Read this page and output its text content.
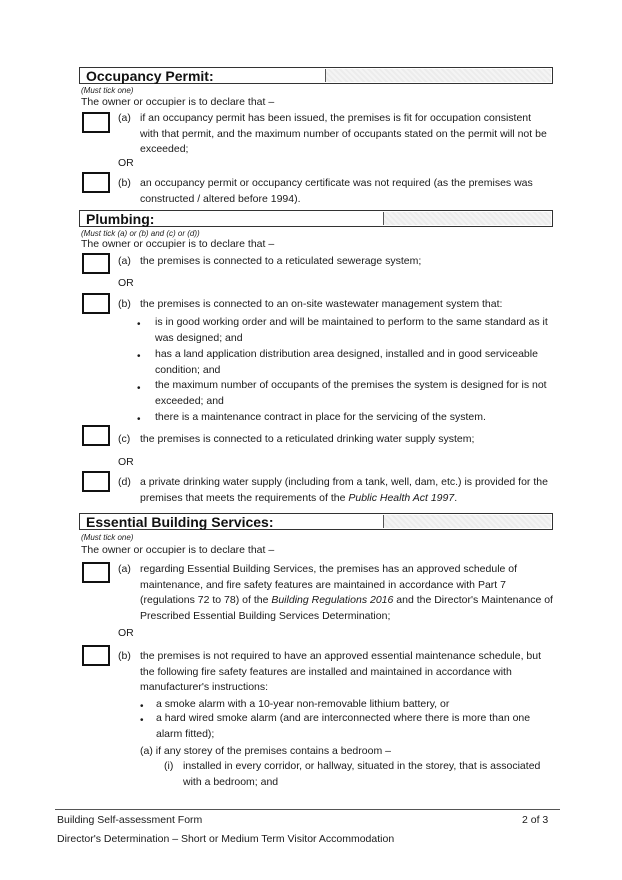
Occupancy Permit:
(Must tick one)
The owner or occupier is to declare that –
(a) if an occupancy permit has been issued, the premises is fit for occupation consistent with that permit, and the maximum number of occupants stated on the permit will not be exceeded;
OR
(b) an occupancy permit or occupancy certificate was not required (as the premises was constructed / altered before 1994).
Plumbing:
(Must tick (a) or (b) and (c) or (d))
The owner or occupier is to declare that –
(a) the premises is connected to a reticulated sewerage system;
OR
(b) the premises is connected to an on-site wastewater management system that:
• is in good working order and will be maintained to perform to the same standard as it was designed; and
• has a land application distribution area designed, installed and in good serviceable condition; and
• the maximum number of occupants of the premises the system is designed for is not exceeded; and
• there is a maintenance contract in place for the servicing of the system.
(c) the premises is connected to a reticulated drinking water supply system;
OR
(d) a private drinking water supply (including from a tank, well, dam, etc.) is provided for the premises that meets the requirements of the Public Health Act 1997.
Essential Building Services:
(Must tick one)
The owner or occupier is to declare that –
(a) regarding Essential Building Services, the premises has an approved schedule of maintenance, and fire safety features are maintained in accordance with Part 7 (regulations 72 to 78) of the Building Regulations 2016 and the Director's Maintenance of Prescribed Essential Building Services Determination;
OR
(b) the premises is not required to have an approved essential maintenance schedule, but the following fire safety features are installed and maintained in accordance with manufacturer's instructions:
• a smoke alarm with a 10-year non-removable lithium battery, or
• a hard wired smoke alarm (and are interconnected where there is more than one alarm fitted);
(a) if any storey of the premises contains a bedroom –
(i) installed in every corridor, or hallway, situated in the storey, that is associated with a bedroom; and
Building Self-assessment Form	2 of 3
Director's Determination – Short or Medium Term Visitor Accommodation
